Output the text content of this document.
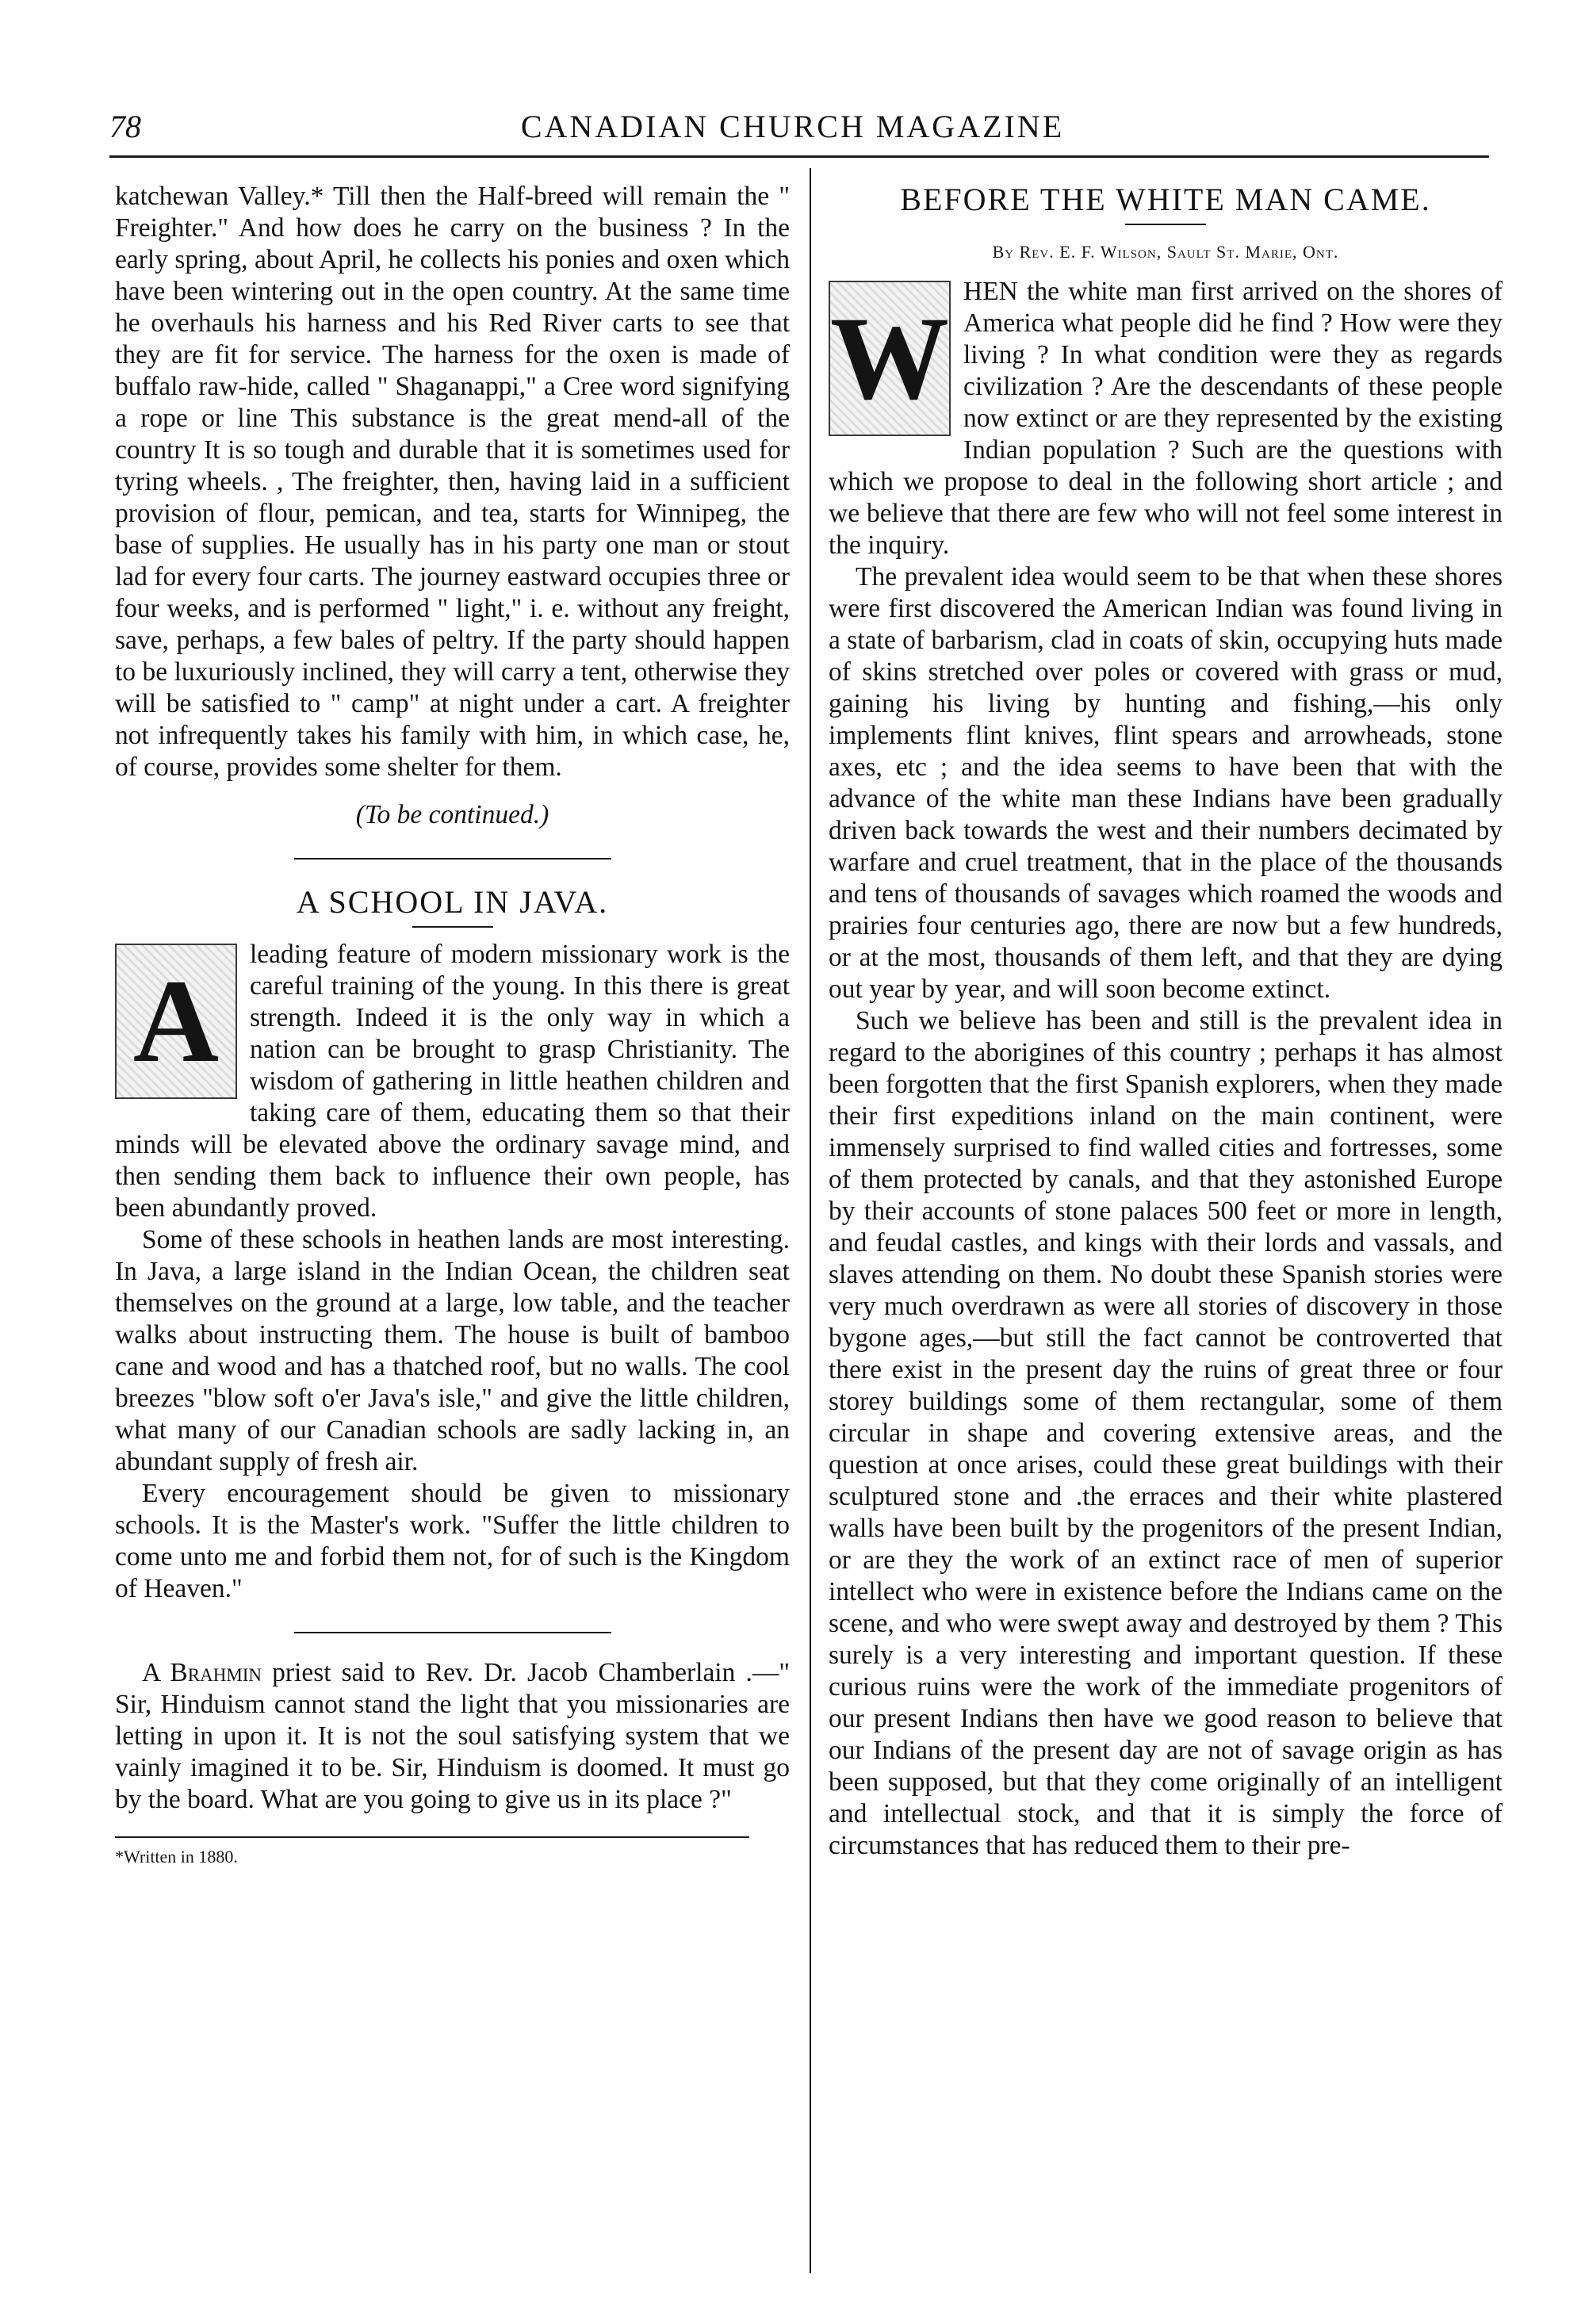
78	CANADIAN CHURCH MAGAZINE

katchewan Valley.* Till then the Half-breed will remain the " Freighter." And how does he carry on the business ? In the early spring, about April, he collects his ponies and oxen which have been wintering out in the open country. At the same time he overhauls his harness and his Red River carts to see that they are fit for service. The harness for the oxen is made of buffalo raw-hide, called " Shaganappi," a Cree word signifying a rope or line This substance is the great mend-all of the country It is so tough and durable that it is sometimes used for tyring wheels. , The freighter, then, having laid in a sufficient provision of flour, pemican, and tea, starts for Winnipeg, the base of supplies. He usually has in his party one man or stout lad for every four carts. The journey eastward occupies three or four weeks, and is performed " light," i. e. without any freight, save, perhaps, a few bales of peltry. If the party should happen to be luxuriously inclined, they will carry a tent, otherwise they will be satisfied to " camp" at night under a cart. A freighter not infrequently takes his family with him, in which case, he, of course, provides some shelter for them.

(To be continued.)

A SCHOOL IN JAVA.
A

leading feature of modern missionary work is the careful training of the young. In this there is great strength. Indeed it is the only way in which a nation can be brought to grasp Christianity. The wisdom of gathering in little heathen children and taking care of them, educating them so that their minds will be elevated above the ordinary savage mind, and then sending them back to influence their own people, has been abundantly proved.

Some of these schools in heathen lands are most interesting. In Java, a large island in the Indian Ocean, the children seat themselves on the ground at a large, low table, and the teacher walks about instructing them. The house is built of bamboo cane and wood and has a thatched roof, but no walls. The cool breezes "blow soft o'er Java's isle," and give the little children, what many of our Canadian schools are sadly lacking in, an abundant supply of fresh air.

Every encouragement should be given to missionary schools. It is the Master's work. "Suffer the little children to come unto me and forbid them not, for of such is the Kingdom of Heaven."

A Brahmin priest said to Rev. Dr. Jacob Chamberlain .—" Sir, Hinduism cannot stand the light that you missionaries are letting in upon it. It is not the soul satisfying system that we vainly imagined it to be. Sir, Hinduism is doomed. It must go by the board. What are you going to give us in its place ?"

*Written in 1880.
BEFORE THE WHITE MAN CAME.
By Rev. E. F. Wilson, Sault St. Marie, Ont.
W

HEN the white man first arrived on the shores of America what people did he find ? How were they living ? In what condition were they as regards civilization ? Are the descendants of these people now extinct or are they represented by the existing Indian population ? Such are the questions with which we propose to deal in the following short article ; and we believe that there are few who will not feel some interest in the inquiry.

The prevalent idea would seem to be that when these shores were first discovered the American Indian was found living in a state of barbarism, clad in coats of skin, occupying huts made of skins stretched over poles or covered with grass or mud, gaining his living by hunting and fishing,—his only implements flint knives, flint spears and arrowheads, stone axes, etc ; and the idea seems to have been that with the advance of the white man these Indians have been gradually driven back towards the west and their numbers decimated by warfare and cruel treatment, that in the place of the thousands and tens of thousands of savages which roamed the woods and prairies four centuries ago, there are now but a few hundreds, or at the most, thousands of them left, and that they are dying out year by year, and will soon become extinct.

Such we believe has been and still is the prevalent idea in regard to the aborigines of this country ; perhaps it has almost been forgotten that the first Spanish explorers, when they made their first expeditions inland on the main continent, were immensely surprised to find walled cities and fortresses, some of them protected by canals, and that they astonished Europe by their accounts of stone palaces 500 feet or more in length, and feudal castles, and kings with their lords and vassals, and slaves attending on them. No doubt these Spanish stories were very much overdrawn as were all stories of discovery in those bygone ages,—but still the fact cannot be controverted that there exist in the present day the ruins of great three or four storey buildings some of them rectangular, some of them circular in shape and covering extensive areas, and the question at once arises, could these great buildings with their sculptured stone and .the erraces and their white plastered walls have been built by the progenitors of the present Indian, or are they the work of an extinct race of men of superior intellect who were in existence before the Indians came on the scene, and who were swept away and destroyed by them ? This surely is a very interesting and important question. If these curious ruins were the work of the immediate progenitors of our present Indians then have we good reason to believe that our Indians of the present day are not of savage origin as has been supposed, but that they come originally of an intelligent and intellectual stock, and that it is simply the force of circumstances that has reduced them to their pre-
